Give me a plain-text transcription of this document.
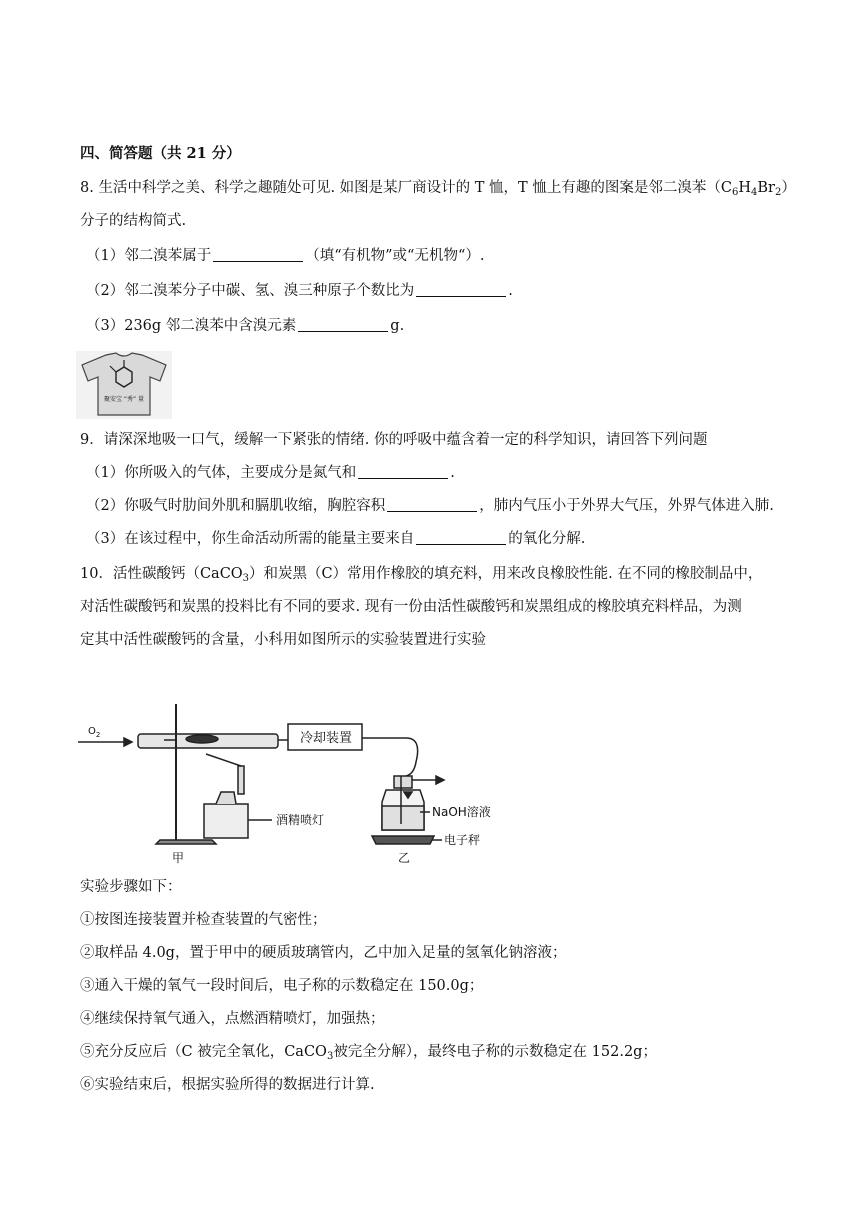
四、简答题（共 21 分）
8. 生活中科学之美、科学之趣随处可见. 如图是某厂商设计的 T 恤，T 恤上有趣的图案是邻二溴苯$(C_6H_4Br_2)$
分子的结构简式.
（1）邻二溴苯属于	（填“有机物”或“无机物“）.
（2）邻二溴苯分子中碳、氢、溴三种原子个数比为	.
（3）236g 邻二溴苯中含溴元素	g.
聚安宝 “秀” 量
9．请深深地吸一口气，缓解一下紧张的情绪. 你的呼吸中蕴含着一定的科学知识，请回答下列问题
（1）你所吸入的气体，主要成分是氮气和	.
（2）你吸气时肋间外肌和膈肌收缩，胸腔容积	，肺内气压小于外界大气压，外界气体进入肺.
（3）在该过程中，你生命活动所需的能量主要来自	的氧化分解.
10．活性碳酸钙（CaCO$_3$）和炭黑（C）常用作橡胶的填充料，用来改良橡胶性能. 在不同的橡胶制品中，
对活性碳酸钙和炭黑的投料比有不同的要求. 现有一份由活性碳酸钙和炭黑组成的橡胶填充料样品，为测
定其中活性碳酸钙的含量，小科用如图所示的实验装置进行实验
$O_2$	冷却装置
酒精喷灯
NaOH溶液
电子秤
甲	乙
实验步骤如下：
①按图连接装置并检查装置的气密性；
②取样品 4.0g，置于甲中的硬质玻璃管内，乙中加入足量的氢氧化钠溶液；
③通入干燥的氧气一段时间后，电子称的示数稳定在 150.0g；
④继续保持氧气通入，点燃酒精喷灯，加强热；
⑤充分反应后（C 被完全氧化，CaCO$_3$被完全分解），最终电子称的示数稳定在 152.2g；
⑥实验结束后，根据实验所得的数据进行计算.
